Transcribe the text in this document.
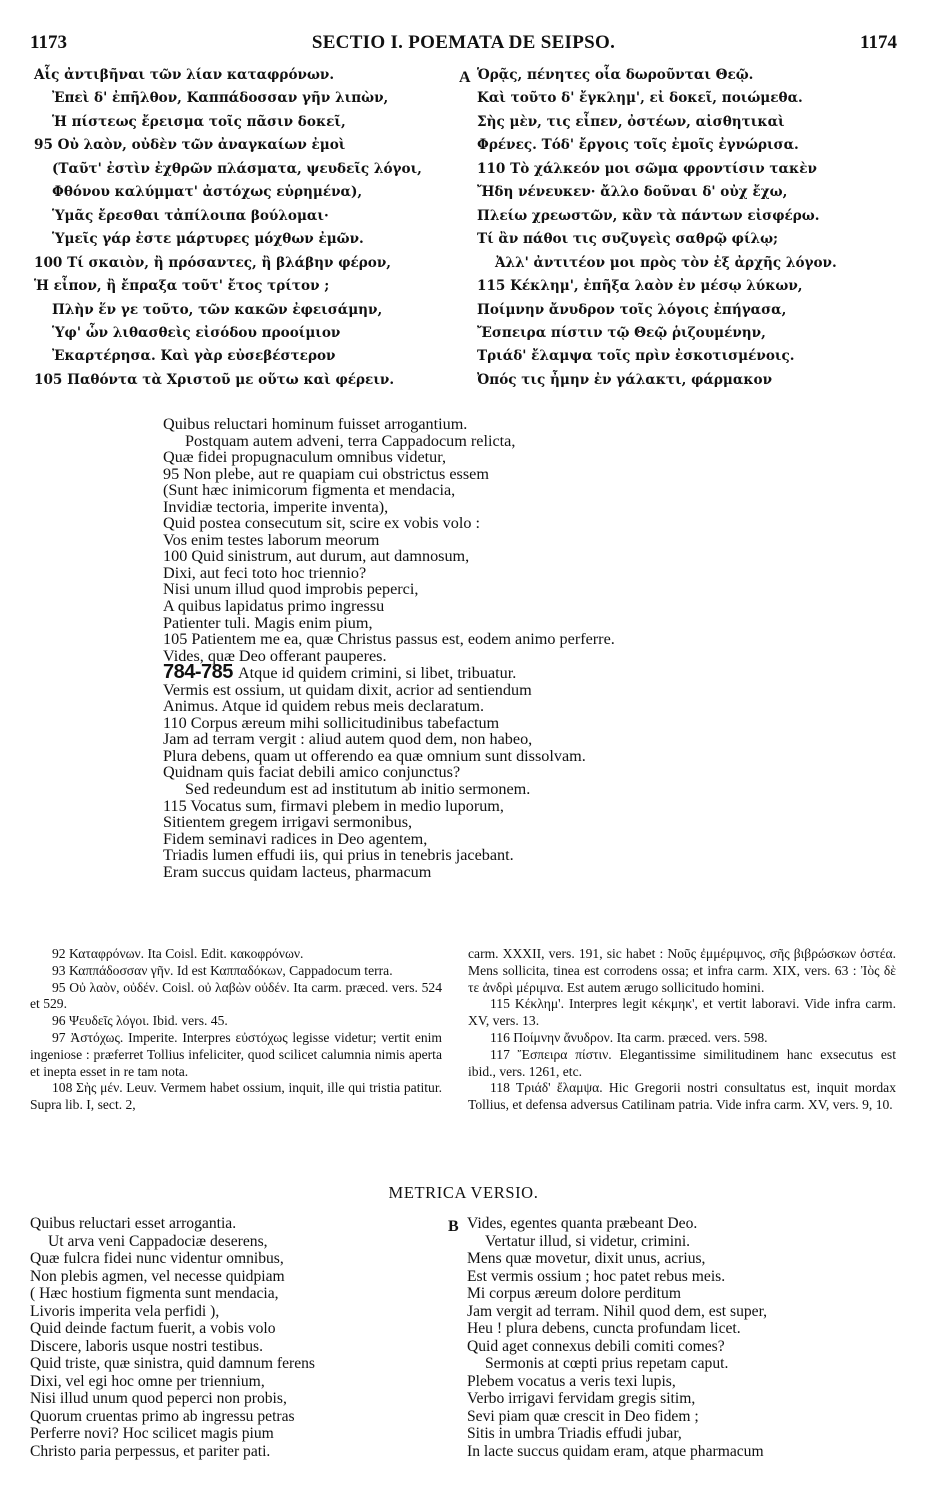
1173	SECTIO I. POEMATA DE SEIPSO.	1174
Αἷς ἀντιβῆναι τῶν λίαν καταφρόνων.
Ἐπεὶ δ' ἐπῆλθον, Καππάδοσσαν γῆν λιπὼν,
Ἡ πίστεως ἔρεισμα τοῖς πᾶσιν δοκεῖ,
95 Οὐ λαὸν, οὐδὲν τῶν ἀναγκαίων ἐμοὶ
(Ταῦτ' ἐστὶν ἐχθρῶν πλάσματα, ψευδεῖς λόγοι,
Φθόνου καλύμματ' ἀστόχως εὑρημένα),
Ὑμᾶς ἔρεσθαι τἀπίλοιπα βούλομαι·
Ὑμεῖς γάρ ἐστε μάρτυρες μόχθων ἐμῶν.
100 Τί σκαιὸν, ἢ πρόσαντες, ἢ βλάβην φέρον,
Ἡ εἶπον, ἢ ἔπραξα τοῦτ' ἔτος τρίτον ;
Πλὴν ἕν γε τοῦτο, τῶν κακῶν ἐφεισάμην,
Ὑφ' ὧν λιθασθεὶς εἰσόδου προοίμιον
Ἐκαρτέρησα. Καὶ γὰρ εὐσεβέστερον
105 Παθόντα τὰ Χριστοῦ με οὕτω καὶ φέρειν.
A Ὁρᾷς, πένητες οἷα δωροῦνται Θεῷ.
Καὶ τοῦτο δ' ἔγκλημ', εἰ δοκεῖ, ποιώμεθα.
Σὴς μὲν, τις εἶπεν, ὀστέων, αἰσθητικαὶ
Φρένες. Τόδ' ἔργοις τοῖς ἐμοῖς ἐγνώρισα.
110 Τὸ χάλκεόν μοι σῶμα φροντίσιν τακὲν
Ἤδη νένευκεν· ἄλλο δοῦναι δ' οὐχ ἔχω,
Πλείω χρεωστῶν, κἂν τὰ πάντων εἰσφέρω.
Τί ἂν πάθοι τις συζυγεὶς σαθρῷ φίλῳ;
Ἀλλ' ἀντιτέον μοι πρὸς τὸν ἐξ ἀρχῆς λόγον.
115 Κέκλημ', ἐπῆξα λαὸν ἐν μέσῳ λύκων,
Ποίμνην ἄνυδρον τοῖς λόγοις ἐπήγασα,
Ἔσπειρα πίστιν τῷ Θεῷ ῥιζουμένην,
Τριάδ' ἔλαμψα τοῖς πρὶν ἐσκοτισμένοις.
Ὀπός τις ἦμην ἐν γάλακτι, φάρμακον
Quibus reluctari hominum fuisset arrogantium.
Postquam autem adveni, terra Cappadocum relicta,
Quæ fidei propugnaculum omnibus videtur,
95 Non plebe, aut re quapiam cui obstrictus essem
(Sunt hæc inimicorum figmenta et mendacia,
Invidiæ tectoria, imperite inventa),
Quid postea consecutum sit, scire ex vobis volo :
Vos enim testes laborum meorum
100 Quid sinistrum, aut durum, aut damnosum,
Dixi, aut feci toto hoc triennio?
Nisi unum illud quod improbis peperci,
A quibus lapidatus primo ingressu
Patienter tuli. Magis enim pium,
105 Patientem me ea, quæ Christus passus est, eodem animo perferre.
Vides, quæ Deo offerant pauperes.
784-785 Atque id quidem crimini, si libet, tribuatur.
Vermis est ossium, ut quidam dixit, acrior ad sentiendum
Animus. Atque id quidem rebus meis declaratum.
110 Corpus æreum mihi sollicitudinibus tabefactum
Jam ad terram vergit : aliud autem quod dem, non habeo,
Plura debens, quam ut offerendo ea quæ omnium sunt dissolvam.
Quidnam quis faciat debili amico conjunctus?
Sed redeundum est ad institutum ab initio sermonem.
115 Vocatus sum, firmavi plebem in medio luporum,
Sitientem gregem irrigavi sermonibus,
Fidem seminavi radices in Deo agentem,
Triadis lumen effudi iis, qui prius in tenebris jacebant.
Eram succus quidam lacteus, pharmacum

92 Καταφρόνων. Ita Coisl. Edit. κακοφρόνων.

93 Καππάδοσσαν γῆν. Id est Καππαδόκων, Cappadocum terra.

95 Οὐ λαὸν, οὐδέν. Coisl. οὐ λαβὼν οὐδέν. Ita carm. præced. vers. 524 et 529.

96 Ψευδεῖς λόγοι. Ibid. vers. 45.

97 Ἀστόχως. Imperite. Interpres εὐστόχως legisse videtur; vertit enim ingeniose : præferret Tollius infeliciter, quod scilicet calumnia nimis aperta et inepta esset in re tam nota.

108 Σὴς μέν. Leuv. Vermem habet ossium, inquit, ille qui tristia patitur. Supra lib. I, sect. 2,

carm. XXXII, vers. 191, sic habet : Νοῦς ἐμμέριμνος, σῆς βιβρώσκων ὀστέα. Mens sollicita, tinea est corrodens ossa; et infra carm. XIX, vers. 63 : Ἰὸς δὲ τε ἀνδρὶ μέριμνα. Est autem ærugo sollicitudo homini.

115 Κέκλημ'. Interpres legit κέκμηκ', et vertit laboravi. Vide infra carm. XV, vers. 13.

116 Ποίμνην ἄνυδρον. Ita carm. præced. vers. 598.

117 Ἔσπειρα πίστιν. Elegantissime similitudinem hanc exsecutus est ibid., vers. 1261, etc.

118 Τριάδ' ἔλαμψα. Hic Gregorii nostri consultatus est, inquit mordax Tollius, et defensa adversus Catilinam patria. Vide infra carm. XV, vers. 9, 10.

METRICA VERSIO.
Quibus reluctari esset arrogantia.
Ut arva veni Cappadociæ deserens,
Quæ fulcra fidei nunc videntur omnibus,
Non plebis agmen, vel necesse quidpiam
( Hæc hostium figmenta sunt mendacia,
Livoris imperita vela perfidi ),
Quid deinde factum fuerit, a vobis volo
Discere, laboris usque nostri testibus.
Quid triste, quæ sinistra, quid damnum ferens
Dixi, vel egi hoc omne per triennium,
Nisi illud unum quod peperci non probis,
Quorum cruentas primo ab ingressu petras
Perferre novi? Hoc scilicet magis pium
Christo paria perpessus, et pariter pati.
B Vides, egentes quanta præbeant Deo.
Vertatur illud, si videtur, crimini.
Mens quæ movetur, dixit unus, acrius,
Est vermis ossium ; hoc patet rebus meis.
Mi corpus æreum dolore perditum
Jam vergit ad terram. Nihil quod dem, est super,
Heu ! plura debens, cuncta profundam licet.
Quid aget connexus debili comiti comes?
Sermonis at cœpti prius repetam caput.
Plebem vocatus a veris texi lupis,
Verbo irrigavi fervidam gregis sitim,
Sevi piam quæ crescit in Deo fidem ;
Sitis in umbra Triadis effudi jubar,
In lacte succus quidam eram, atque pharmacum
